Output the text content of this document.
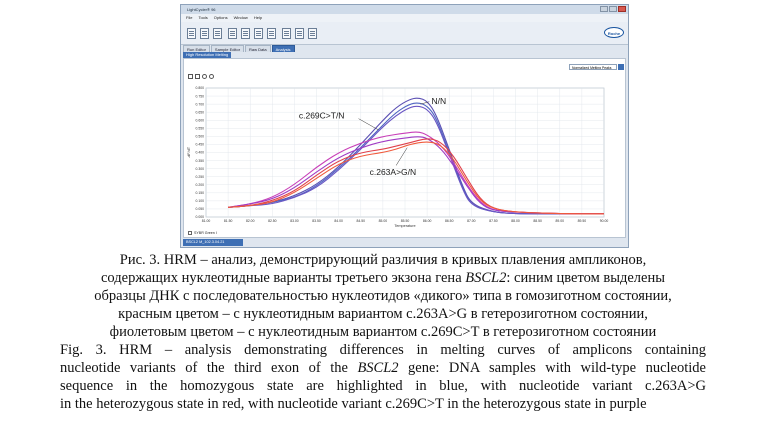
LightCycler® 96
File Tools Options Window Help
Roche
Run Editor	Sample Editor	Raw Data	Analysis
High Resolution Melting
Normalized Melting Peaks
0.000
0.050
0.100
0.150
0.200
0.250
0.300
0.350
0.400
0.450
0.500
0.550
0.600
0.650
0.700
0.750
0.800
81.00	81.50	82.00	82.50	83.00	83.50	84.00	84.50	85.00	85.50	86.00	86.50	87.00	87.50	88.00	88.50	89.00	89.50	90.00
Temperature
-dF/dT
N/N
c.269C>T/N
c.263A>G/N
SYBR Green I
BSCL2 M_102.3.04.21
Рис. 3. HRM – анализ, демонстрирующий различия в кривых плавления ампликонов,
содержащих нуклеотидные варианты третьего экзона гена BSCL2: синим цветом выделены
образцы ДНК с последовательностью нуклеотидов «дикого» типа в гомозиготном состоянии,
красным цветом – с нуклеотидным вариантом c.263A>G в гетерозиготном состоянии,
фиолетовым цветом – с нуклеотидным вариантом c.269C>T в гетерозиготном состоянии
Fig. 3. HRM – analysis demonstrating differences in melting curves of amplicons containing
nucleotide variants of the third exon of the BSCL2 gene: DNA samples with wild-type nucleotide
sequence in the homozygous state are highlighted in blue, with nucleotide variant c.263A>G
in the heterozygous state in red, with nucleotide variant c.269C>T in the heterozygous state in purple
